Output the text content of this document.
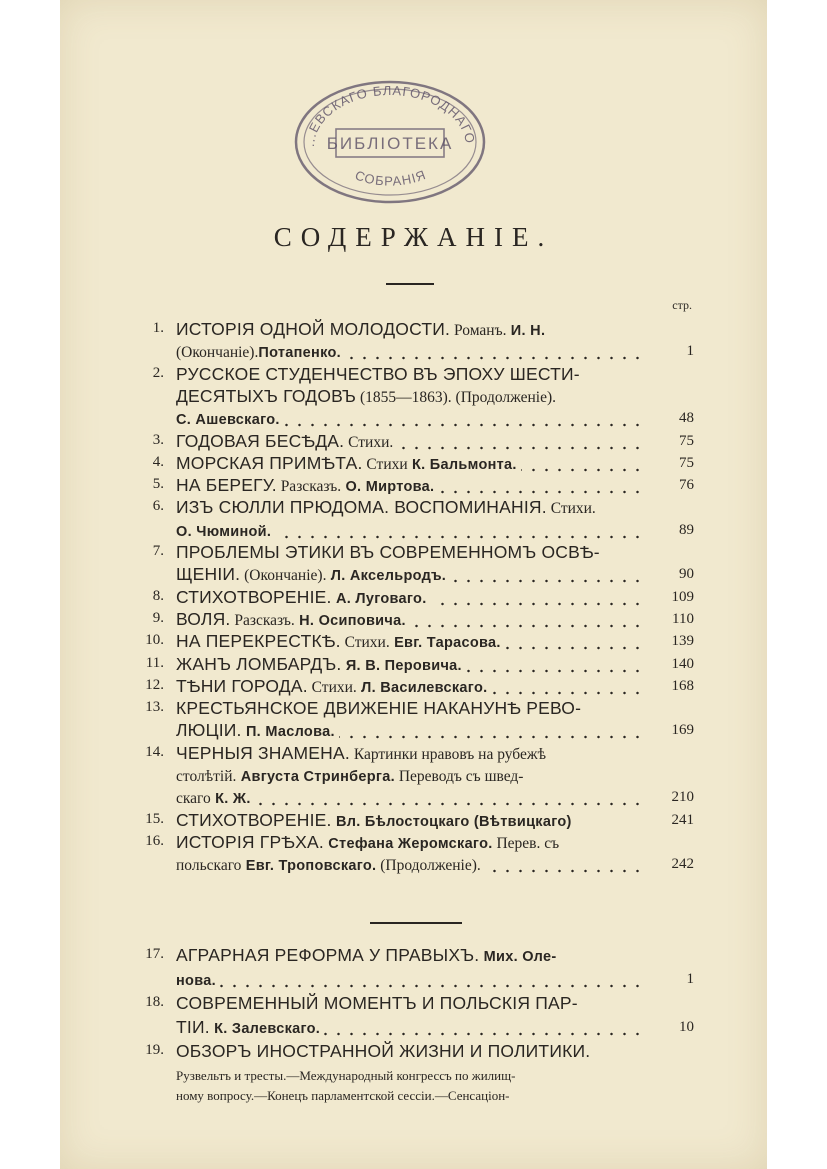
...ЕВСКАГО БЛАГОРОДНАГО
БИБЛІОТЕКА
СОБРАНІЯ
СОДЕРЖАНІЕ.
стр.
1. ИСТОРІЯ ОДНОЙ МОЛОДОСТИ. Романъ. И. Н.
(Окончаніе).Потапенко.	1
2. РУССКОЕ СТУДЕНЧЕСТВО ВЪ ЭПОХУ ШЕСТИ-
ДЕСЯТЫХЪ ГОДОВЪ (1855—1863). (Продолженіе).
С. Ашевскаго.	48
3. ГОДОВАЯ БЕСѢДА. Стихи.	75
4. МОРСКАЯ ПРИМѢТА. Стихи К. Бальмонта.	75
5. НА БЕРЕГУ. Разсказъ. О. Миртова.	76
6. ИЗЪ СЮЛЛИ ПРЮДОМА. ВОСПОМИНАНІЯ. Стихи.
О. Чюминой.	89
7. ПРОБЛЕМЫ ЭТИКИ ВЪ СОВРЕМЕННОМЪ ОСВѢ-
ЩЕНІИ. (Окончаніе). Л. Аксельродъ.	90
8. СТИХОТВОРЕНІЕ. А. Луговаго.	109
9. ВОЛЯ. Разсказъ. Н. Осиповича.	110
10. НА ПЕРЕКРЕСТКѢ. Стихи. Евг. Тарасова.	139
11. ЖАНЪ ЛОМБАРДЪ. Я. В. Перовича.	140
12. ТѢНИ ГОРОДА. Стихи. Л. Василевскаго.	168
13. КРЕСТЬЯНСКОЕ ДВИЖЕНІЕ НАКАНУНѢ РЕВО-
ЛЮЦІИ. П. Маслова.	169
14. ЧЕРНЫЯ ЗНАМЕНА. Картинки нравовъ на рубежѣ
столѣтій. Августа Стринберга. Переводъ съ швед-
скаго К. Ж.	210
15. СТИХОТВОРЕНІЕ. Вл. Бѣлостоцкаго (Вѣтвицкаго)	241
16. ИСТОРІЯ ГРѢХА. Стефана Жеромскаго. Перев. съ
польскаго Евг. Троповскаго. (Продолженіе).	242
17. АГРАРНАЯ РЕФОРМА У ПРАВЫХЪ. Мих. Оле-
нова.	1
18. СОВРЕМЕННЫЙ МОМЕНТЪ И ПОЛЬСКІЯ ПАР-
ТІИ. К. Залевскаго.	10
19. ОБЗОРЪ ИНОСТРАННОЙ ЖИЗНИ И ПОЛИТИКИ.
Рузвельтъ и тресты.—Международный конгрессъ по жилищ-
ному вопросу.—Конецъ парламентской сессіи.—Сенсаціон-
